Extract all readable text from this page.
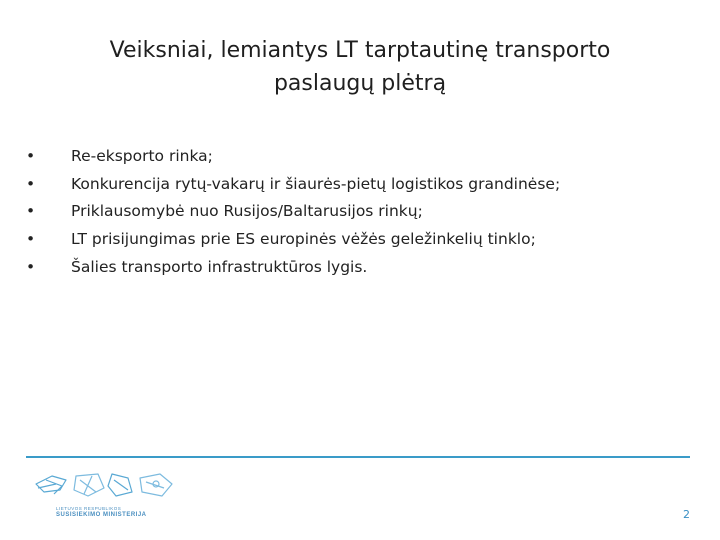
Veiksniai, lemiantys LT tarptautinę transporto paslaugų plėtrą
•	Re-eksporto rinka;
•	Konkurencija rytų-vakarų ir šiaurės-pietų logistikos grandinėse;
•	Priklausomybė nuo Rusijos/Baltarusijos rinkų;
•	LT prisijungimas prie ES europinės vėžės geležinkelių tinklo;
•	Šalies transporto infrastruktūros lygis.
LIETUVOS RESPUBLIKOS
SUSISIEKIMO MINISTERIJA	2
